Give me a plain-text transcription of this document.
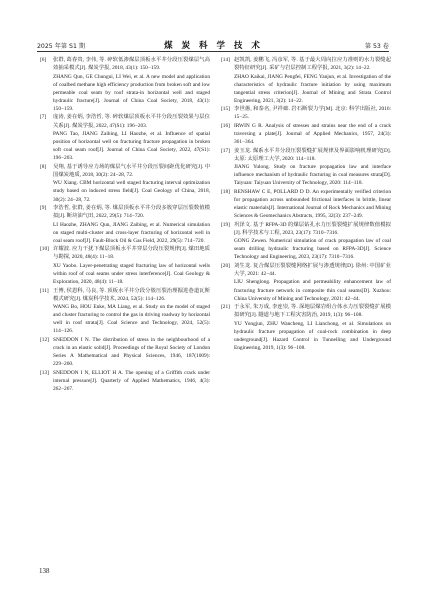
2025 年第 S1 期	煤 炭 科 学 技 术	第 53 卷
[6] 张群, 葛春贵, 李伟, 等. 碎软低渗煤层顶板水平井分段压裂煤层气高效抽采模式[J]. 煤炭学报, 2018, 43(1): 150−159.
ZHANG Qun, GE Chungui, LI Wei, et al. A new model and application of coalbed methane high efficiency production from broken soft and low permeable coal seam by roof strata-in horizontal well and staged hydraulic fracture[J]. Journal of China Coal Society, 2018, 43(1): 150−159.
[7] 庞涛, 姜在炳, 李浩哲, 等. 碎软煤层顶板水平井分段压裂效果与层位关系[J]. 煤炭学报, 2022, 47(S1): 196−203.
PANG Tao, JIANG Zaibing, LI Haozhe, et al. Influence of spatial position of horizontal well on fracturing fracture propagation in broken soft coal seam roof[J]. Journal of China Coal Society, 2022, 47(S1): 196−203.
[8] 吴翔, 基于诱导应力场的煤层气水平井分段压裂间距优化研究[J]. 中国煤炭地质, 2018, 30(2): 24−28, 72.
WU Xiang. CBM horizontal well staged fracturing interval optimization study based on induced stress field[J]. Coal Geology of China, 2018, 30(2): 24−28, 72.
[9] 李浩哲, 张群, 姜在炳, 等. 煤层顶板水平井分段多簇穿层压裂数值模拟[J]. 断块油气田, 2022, 29(5): 714−720.
LI Haozhe, ZHANG Qun, JIANG Zaibing, et al. Numerical simulation on staged multi-cluster and cross-layer fracturing of horizontal well in coal seam roof[J]. Fault-Block Oil & Gas Field, 2022, 29(5): 714−720.
[10] 许耀波. 应力干扰下煤层顶板水平井穿层分段压裂规律[J]. 煤田地质与勘探, 2020, 48(4): 11−18.
XU Yaobo. Layer-penetrating staged fracturing law of horizontal wells within roof of coal seams under stress interference[J]. Coal Geology & Exploration, 2020, 48(4): 11−18.
[11] 王博, 侯恩科, 马良, 等. 顶板水平井分段分簇压裂治理掘进巷道瓦斯模式研究[J]. 煤炭科学技术, 2024, 52(5): 114−126.
WANG Bo, HOU Enke, MA Liang, et al. Study on the model of staged and cluster fracturing to control the gas in driving roadway by horizontal well in roof strata[J]. Coal Science and Technology, 2024, 52(5): 114−126.
[12] SNEDDON I N. The distribution of stress in the neighbourhood of a crack in an elastic solid[J]. Proceedings of the Royal Society of London Series A Mathematical and Physical Sciences, 1946, 187(1009): 229−260.
[13] SNEDDON I N, ELLIOT H A. The opening of a Griffith crack under internal pressure[J]. Quarterly of Applied Mathematics, 1946, 4(3): 262−267.
[14] 赵凯凯, 姜鹏飞, 冯彦军, 等. 基于最大周向拉应力准则的水力裂缝起裂特征研究[J]. 采矿与岩层控制工程学报, 2021, 3(2): 14−22.
ZHAO Kaikai, JIANG Pengfei, FENG Yanjun, et al. Investigation of the characteristics of hydraulic fracture initiation by using maximum tangential stress criterion[J]. Journal of Mining and Strata Control Engineering, 2021, 3(2): 14−22.
[15] 李世愚, 和泰名, 尹祥础. 岩石断裂力学[M]. 北京: 科学出版社, 2016: 15−25.
[16] IRWIN G R. Analysis of stresses and strains near the end of a crack traversing a plate[J]. Journal of Applied Mechanics, 1957, 24(3): 361−364.
[17] 姜玉龙. 煤系水平井分段压裂裂缝扩展规律及界面影响机理研究[D]. 太原: 太原理工大学, 2020: 114−118.
JIANG Yulong. Study on fracture propagation law and interface influence mechanism of hydraulic fracturing in coal measures strata[D]. Taiyuan: Taiyuan University of Technology, 2020: 114−118.
[18] RENSHAW C E, POLLARD D D. An experimentally verified criterion for propagation across unbounded frictional interfaces in brittle, linear elastic materials[J]. International Journal of Rock Mechanics and Mining Sciences & Geomechanics Abstracts, 1995, 32(3): 237−249.
[19] 巩泽文. 基于 RFPA-3D 的煤层钻孔水力压裂裂缝扩展规律数值模拟[J]. 科学技术与工程, 2023, 23(17): 7310−7316.
GONG Zewen. Numerical simulation of crack propagation law of coal seam drilling hydraulic fracturing based on RFPA-3D[J]. Science Technology and Engineering, 2023, 23(17): 7310−7316.
[20] 刘生龙. 复合煤层压裂裂缝网络扩展与渗透规律[D]. 徐州: 中国矿业大学, 2021: 42−44.
LIU Shenglong. Propagation and permeability enhancement law of fracturing fracture network in composite thin coal seams[D]. Xuzhou: China University of Mining and Technology, 2021: 42−44.
[21] 于永军, 朱万成, 李连崇, 等. 深地层煤岩组合体水力压裂裂缝扩展模拟研究[J]. 隧道与地下工程灾害防治, 2019, 1(3): 96−108.
YU Yongjun, ZHU Wancheng, LI Lianchong, et al. Simulations on hydraulic fracture propagation of coal-rock combination in deep underground[J]. Hazard Control in Tunnelling and Underground Engineering, 2019, 1(3): 96−108.
138
